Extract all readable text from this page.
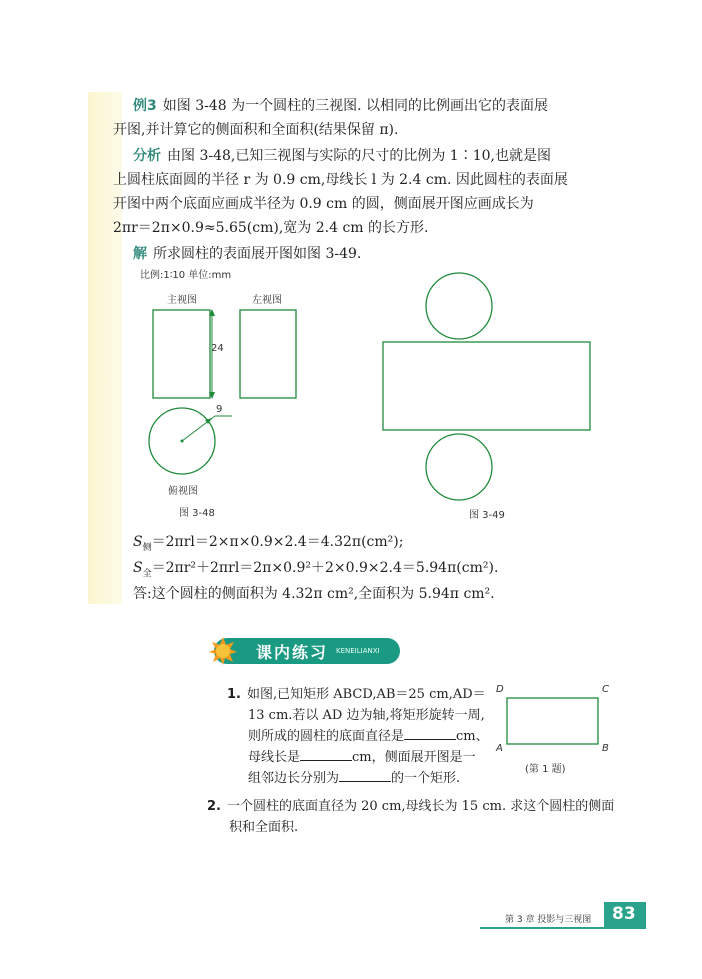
例3 如图 3-48 为一个圆柱的三视图. 以相同的比例画出它的表面展
开图,并计算它的侧面积和全面积(结果保留 π).
分析 由图 3-48,已知三视图与实际的尺寸的比例为 1∶10,也就是图
上圆柱底面圆的半径 r 为 0.9 cm,母线长 l 为 2.4 cm. 因此圆柱的表面展
开图中两个底面应画成半径为 0.9 cm 的圆，侧面展开图应画成长为
2πr＝2π×0.9≈5.65(cm),宽为 2.4 cm 的长方形.
解 所求圆柱的表面展开图如图 3-49.
比例:1∶10 单位:mm
主视图	左视图
俯视图
图 3-48
24
9
图 3-49
$S_侧=2\pi rl=2\times\pi\times 0.9\times 2.4=4.32\pi(cm^2)$;
$S_全=2\pi r^2+2\pi rl=2\pi\times 0.9^2+2\times 0.9\times 2.4=5.94\pi(cm^2)$.
答:这个圆柱的侧面积为 4.32π cm²,全面积为 5.94π cm².
课内练习 KENEILIANXI
1. 如图,已知矩形 ABCD,AB＝25 cm,AD＝
13 cm.若以 AD 边为轴,将矩形旋转一周,
则所成的圆柱的底面直径是	cm、
母线长是	cm，侧面展开图是一
组邻边长分别为	的一个矩形.
D	C
A	B
(第 1 题)
2. 一个圆柱的底面直径为 20 cm,母线长为 15 cm. 求这个圆柱的侧面
积和全面积.
第 3 章 投影与三视图 83
